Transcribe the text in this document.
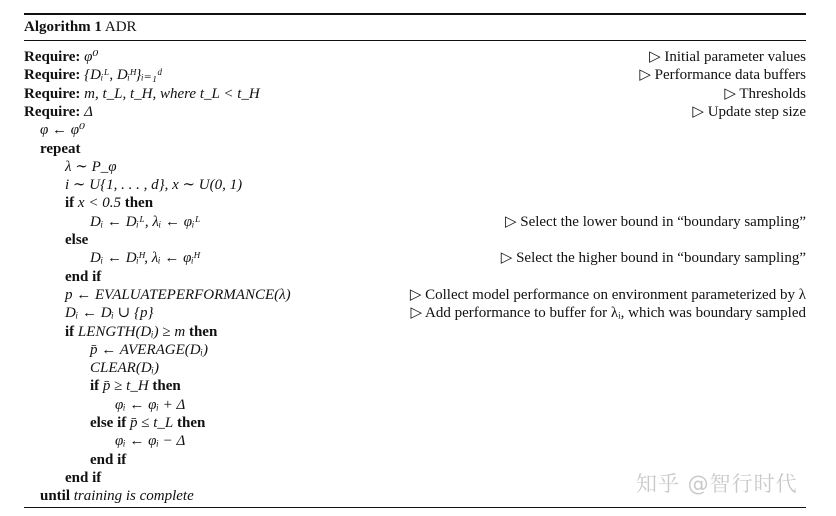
Algorithm 1 ADR
Require: φ⁰	▷ Initial parameter values
Require: {Dᵢᴸ, Dᵢᴴ}ᵢ₌₁ᵈ	▷ Performance data buffers
Require: m, t_L, t_H, where t_L < t_H	▷ Thresholds
Require: Δ	▷ Update step size
φ ← φ⁰
repeat
λ ∼ P_φ
i ∼ U{1, . . . , d}, x ∼ U(0, 1)
if x < 0.5 then
Dᵢ ← Dᵢᴸ, λᵢ ← φᵢᴸ	▷ Select the lower bound in “boundary sampling”
else
Dᵢ ← Dᵢᴴ, λᵢ ← φᵢᴴ	▷ Select the higher bound in “boundary sampling”
end if
p ← EVALUATEPERFORMANCE(λ)	▷ Collect model performance on environment parameterized by λ
Dᵢ ← Dᵢ ∪ {p}	▷ Add performance to buffer for λᵢ, which was boundary sampled
if LENGTH(Dᵢ) ≥ m then
p̄ ← AVERAGE(Dᵢ)
CLEAR(Dᵢ)
if p̄ ≥ t_H then
φᵢ ← φᵢ + Δ
else if p̄ ≤ t_L then
φᵢ ← φᵢ − Δ
end if
end if
until training is complete
知乎 @智行时代
